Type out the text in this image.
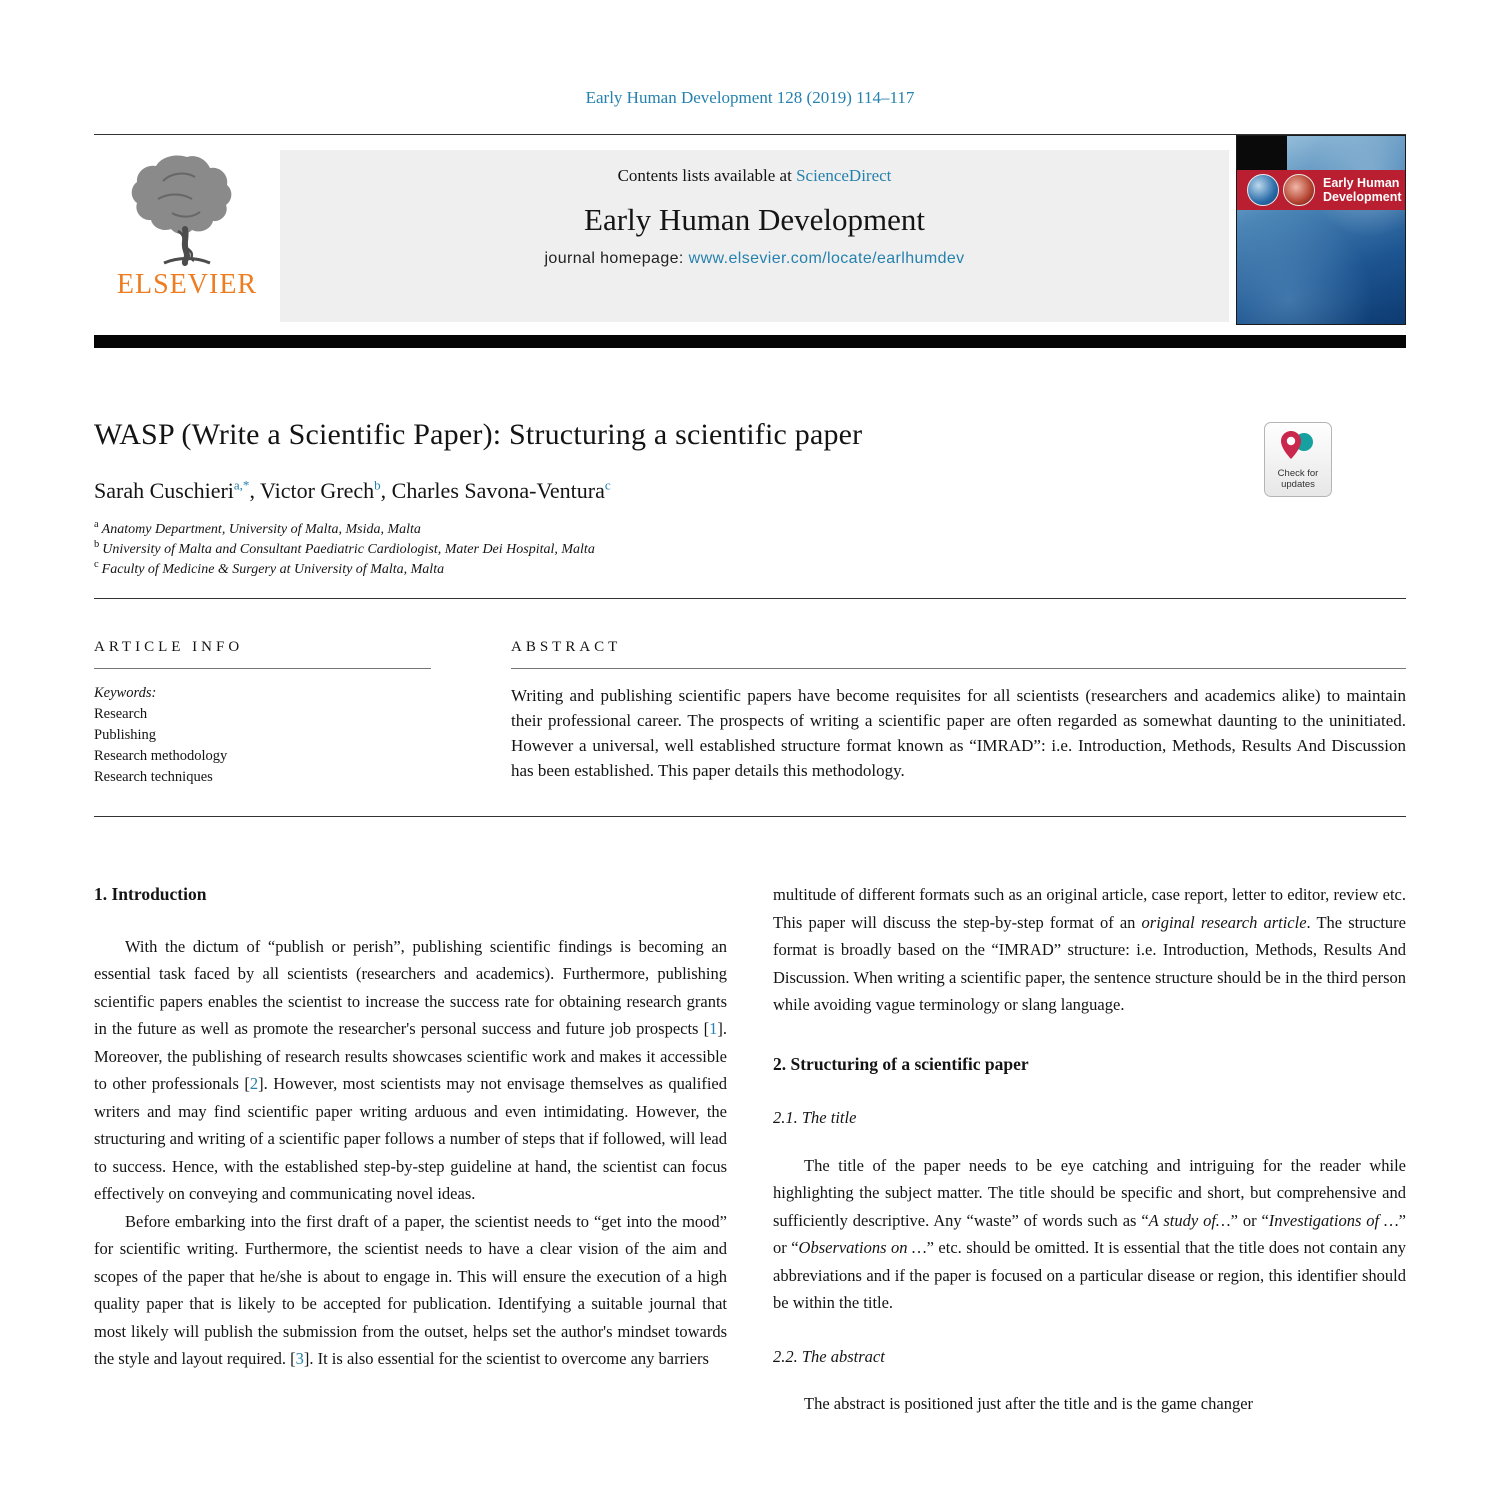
Early Human Development 128 (2019) 114–117
ELSEVIER
Contents lists available at ScienceDirect
Early Human Development
journal homepage: www.elsevier.com/locate/earlhumdev
Early Human Development
WASP (Write a Scientific Paper): Structuring a scientific paper
Check for updates
Sarah Cuschieri$^{a,*}$, Victor Grech$^b$, Charles Savona-Ventura$^c$
$^a$ Anatomy Department, University of Malta, Msida, Malta
$^b$ University of Malta and Consultant Paediatric Cardiologist, Mater Dei Hospital, Malta
$^c$ Faculty of Medicine & Surgery at University of Malta, Malta
ARTICLE INFO
Keywords:
Research
Publishing
Research methodology
Research techniques
ABSTRACT

Writing and publishing scientific papers have become requisites for all scientists (researchers and academics alike) to maintain their professional career. The prospects of writing a scientific paper are often regarded as somewhat daunting to the uninitiated. However a universal, well established structure format known as “IMRAD”: i.e. Introduction, Methods, Results And Discussion has been established. This paper details this methodology.

1. Introduction

With the dictum of “publish or perish”, publishing scientific findings is becoming an essential task faced by all scientists (researchers and academics). Furthermore, publishing scientific papers enables the scientist to increase the success rate for obtaining research grants in the future as well as promote the researcher's personal success and future job prospects [1]. Moreover, the publishing of research results showcases scientific work and makes it accessible to other professionals [2]. However, most scientists may not envisage themselves as qualified writers and may find scientific paper writing arduous and even intimidating. However, the structuring and writing of a scientific paper follows a number of steps that if followed, will lead to success. Hence, with the established step-by-step guideline at hand, the scientist can focus effectively on conveying and communicating novel ideas.

Before embarking into the first draft of a paper, the scientist needs to “get into the mood” for scientific writing. Furthermore, the scientist needs to have a clear vision of the aim and scopes of the paper that he/she is about to engage in. This will ensure the execution of a high quality paper that is likely to be accepted for publication. Identifying a suitable journal that most likely will publish the submission from the outset, helps set the author's mindset towards the style and layout required. [3]. It is also essential for the scientist to overcome any barriers

multitude of different formats such as an original article, case report, letter to editor, review etc. This paper will discuss the step-by-step format of an original research article. The structure format is broadly based on the “IMRAD” structure: i.e. Introduction, Methods, Results And Discussion. When writing a scientific paper, the sentence structure should be in the third person while avoiding vague terminology or slang language.

2. Structuring of a scientific paper
2.1. The title

The title of the paper needs to be eye catching and intriguing for the reader while highlighting the subject matter. The title should be specific and short, but comprehensive and sufficiently descriptive. Any “waste” of words such as “A study of…” or “Investigations of …” or “Observations on …” etc. should be omitted. It is essential that the title does not contain any abbreviations and if the paper is focused on a particular disease or region, this identifier should be within the title.

2.2. The abstract

The abstract is positioned just after the title and is the game changer
